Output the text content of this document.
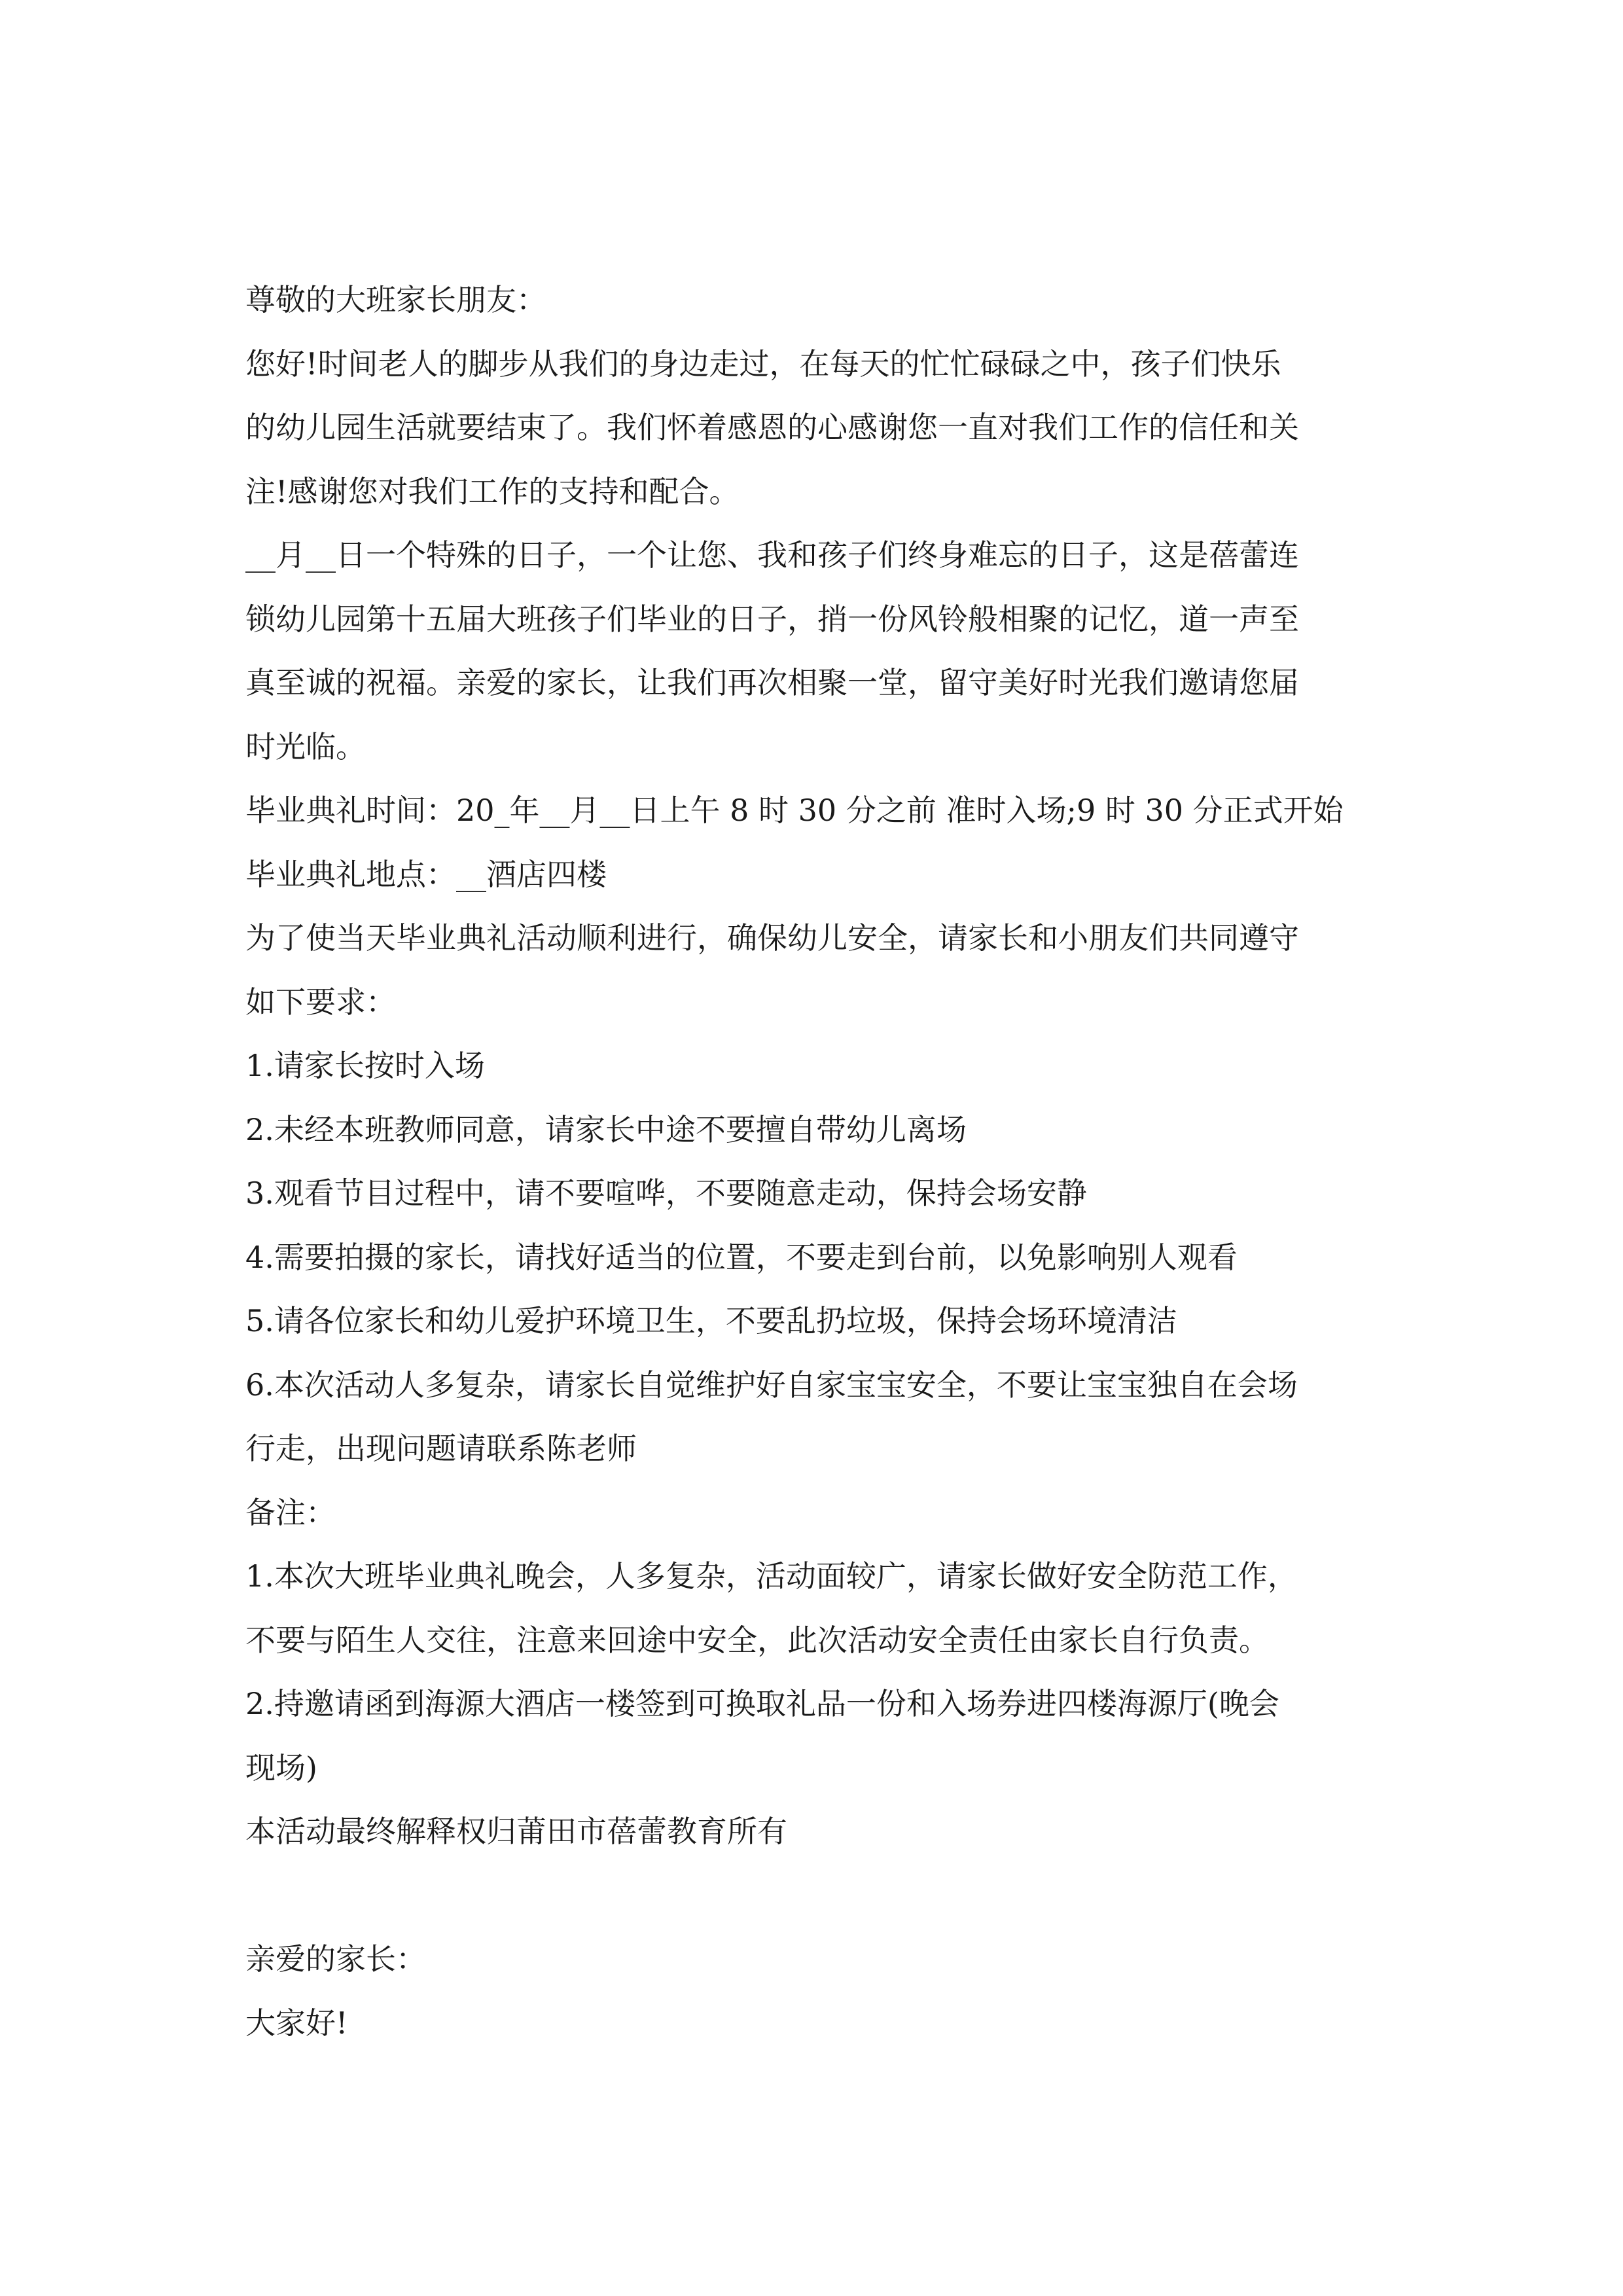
尊敬的大班家长朋友：
您好!时间老人的脚步从我们的身边走过，在每天的忙忙碌碌之中，孩子们快乐
的幼儿园生活就要结束了。我们怀着感恩的心感谢您一直对我们工作的信任和关
注!感谢您对我们工作的支持和配合。
__月__日一个特殊的日子，一个让您、我和孩子们终身难忘的日子，这是蓓蕾连
锁幼儿园第十五届大班孩子们毕业的日子，捎一份风铃般相聚的记忆，道一声至
真至诚的祝福。亲爱的家长，让我们再次相聚一堂，留守美好时光我们邀请您届
时光临。
毕业典礼时间：20_年__月__日上午 8 时 30 分之前 准时入场;9 时 30 分正式开始
毕业典礼地点：__酒店四楼
为了使当天毕业典礼活动顺利进行，确保幼儿安全，请家长和小朋友们共同遵守
如下要求：
1.请家长按时入场
2.未经本班教师同意，请家长中途不要擅自带幼儿离场
3.观看节目过程中，请不要喧哗，不要随意走动，保持会场安静
4.需要拍摄的家长，请找好适当的位置，不要走到台前，以免影响别人观看
5.请各位家长和幼儿爱护环境卫生，不要乱扔垃圾，保持会场环境清洁
6.本次活动人多复杂，请家长自觉维护好自家宝宝安全，不要让宝宝独自在会场
行走，出现问题请联系陈老师
备注：
1.本次大班毕业典礼晚会，人多复杂，活动面较广，请家长做好安全防范工作，
不要与陌生人交往，注意来回途中安全，此次活动安全责任由家长自行负责。
2.持邀请函到海源大酒店一楼签到可换取礼品一份和入场券进四楼海源厅(晚会
现场)
本活动最终解释权归莆田市蓓蕾教育所有
亲爱的家长：
大家好!
